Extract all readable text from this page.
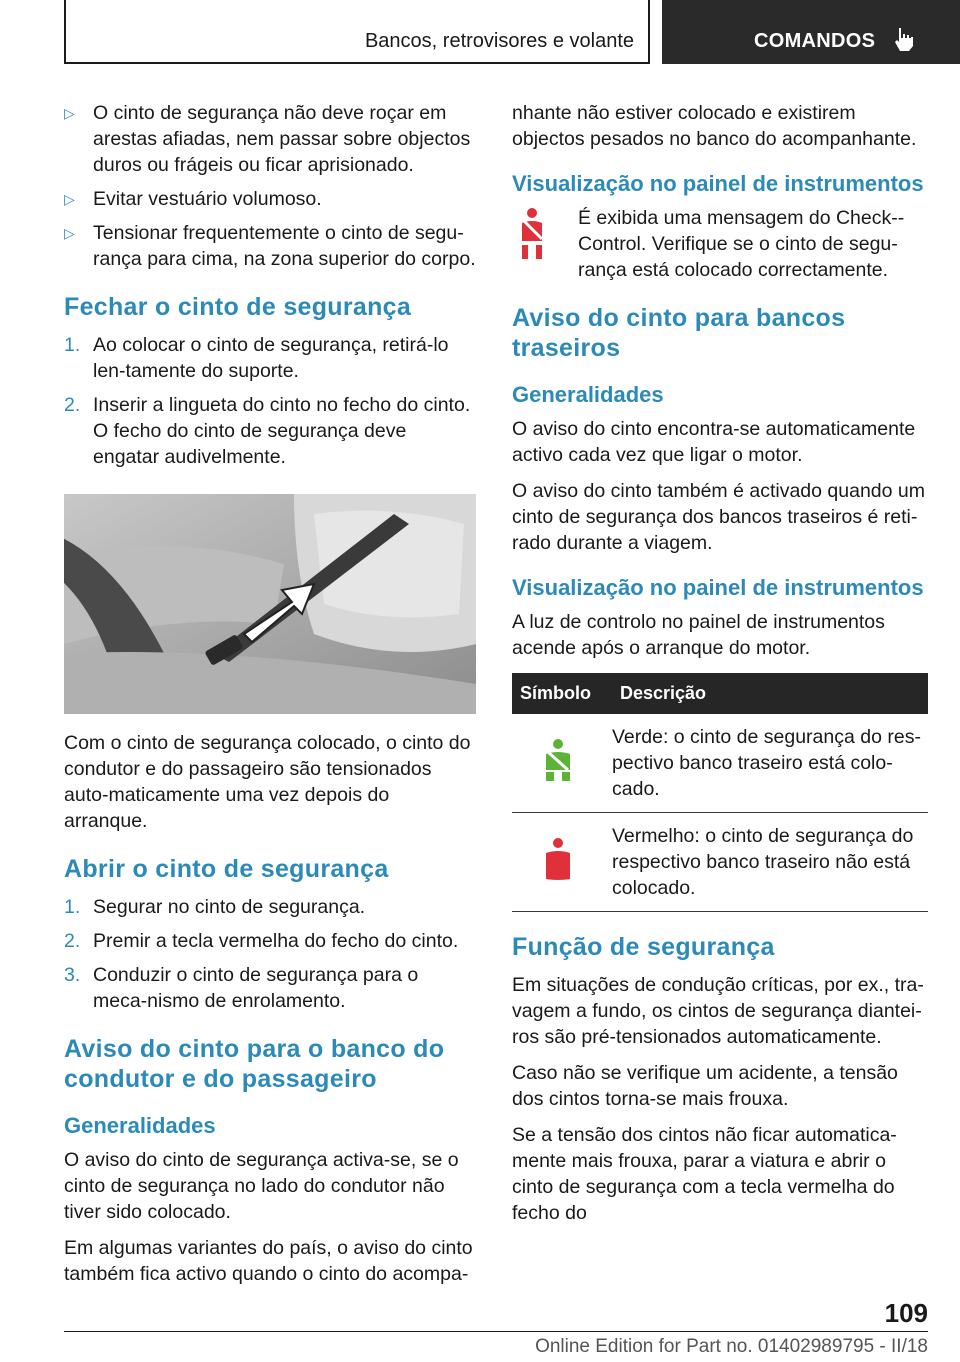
Bancos, retrovisores e volante	COMANDOS
▷ O cinto de segurança não deve roçar em arestas afiadas, nem passar sobre objectos duros ou frágeis ou ficar aprisionado.
▷ Evitar vestuário volumoso.
▷ Tensionar frequentemente o cinto de segu-rança para cima, na zona superior do corpo.
Fechar o cinto de segurança
1. Ao colocar o cinto de segurança, retirá-lo len-tamente do suporte.
2. Inserir a lingueta do cinto no fecho do cinto. O fecho do cinto de segurança deve engatar audivelmente.

Com o cinto de segurança colocado, o cinto do condutor e do passageiro são tensionados auto-maticamente uma vez depois do arranque.

Abrir o cinto de segurança
1. Segurar no cinto de segurança.
2. Premir a tecla vermelha do fecho do cinto.
3. Conduzir o cinto de segurança para o meca-nismo de enrolamento.
Aviso do cinto para o banco do condutor e do passageiro
Generalidades

O aviso do cinto de segurança activa-se, se o cinto de segurança no lado do condutor não tiver sido colocado.

Em algumas variantes do país, o aviso do cinto também fica activo quando o cinto do acompa-

nhante não estiver colocado e existirem objectos pesados no banco do acompanhante.

Visualização no painel de instrumentos

É exibida uma mensagem do Check--Control. Verifique se o cinto de segu-rança está colocado correctamente.

Aviso do cinto para bancos traseiros
Generalidades

O aviso do cinto encontra-se automaticamente activo cada vez que ligar o motor.

O aviso do cinto também é activado quando um cinto de segurança dos bancos traseiros é reti-rado durante a viagem.

Visualização no painel de instrumentos

A luz de controlo no painel de instrumentos acende após o arranque do motor.

Símbolo	Descrição
	Verde: o cinto de segurança do res-pectivo banco traseiro está colo-cado.
	Vermelho: o cinto de segurança do respectivo banco traseiro não está colocado.
Função de segurança

Em situações de condução críticas, por ex., tra-vagem a fundo, os cintos de segurança diantei-ros são pré-tensionados automaticamente.

Caso não se verifique um acidente, a tensão dos cintos torna-se mais frouxa.

Se a tensão dos cintos não ficar automatica-mente mais frouxa, parar a viatura e abrir o cinto de segurança com a tecla vermelha do fecho do

109
Online Edition for Part no. 01402989795 - II/18
